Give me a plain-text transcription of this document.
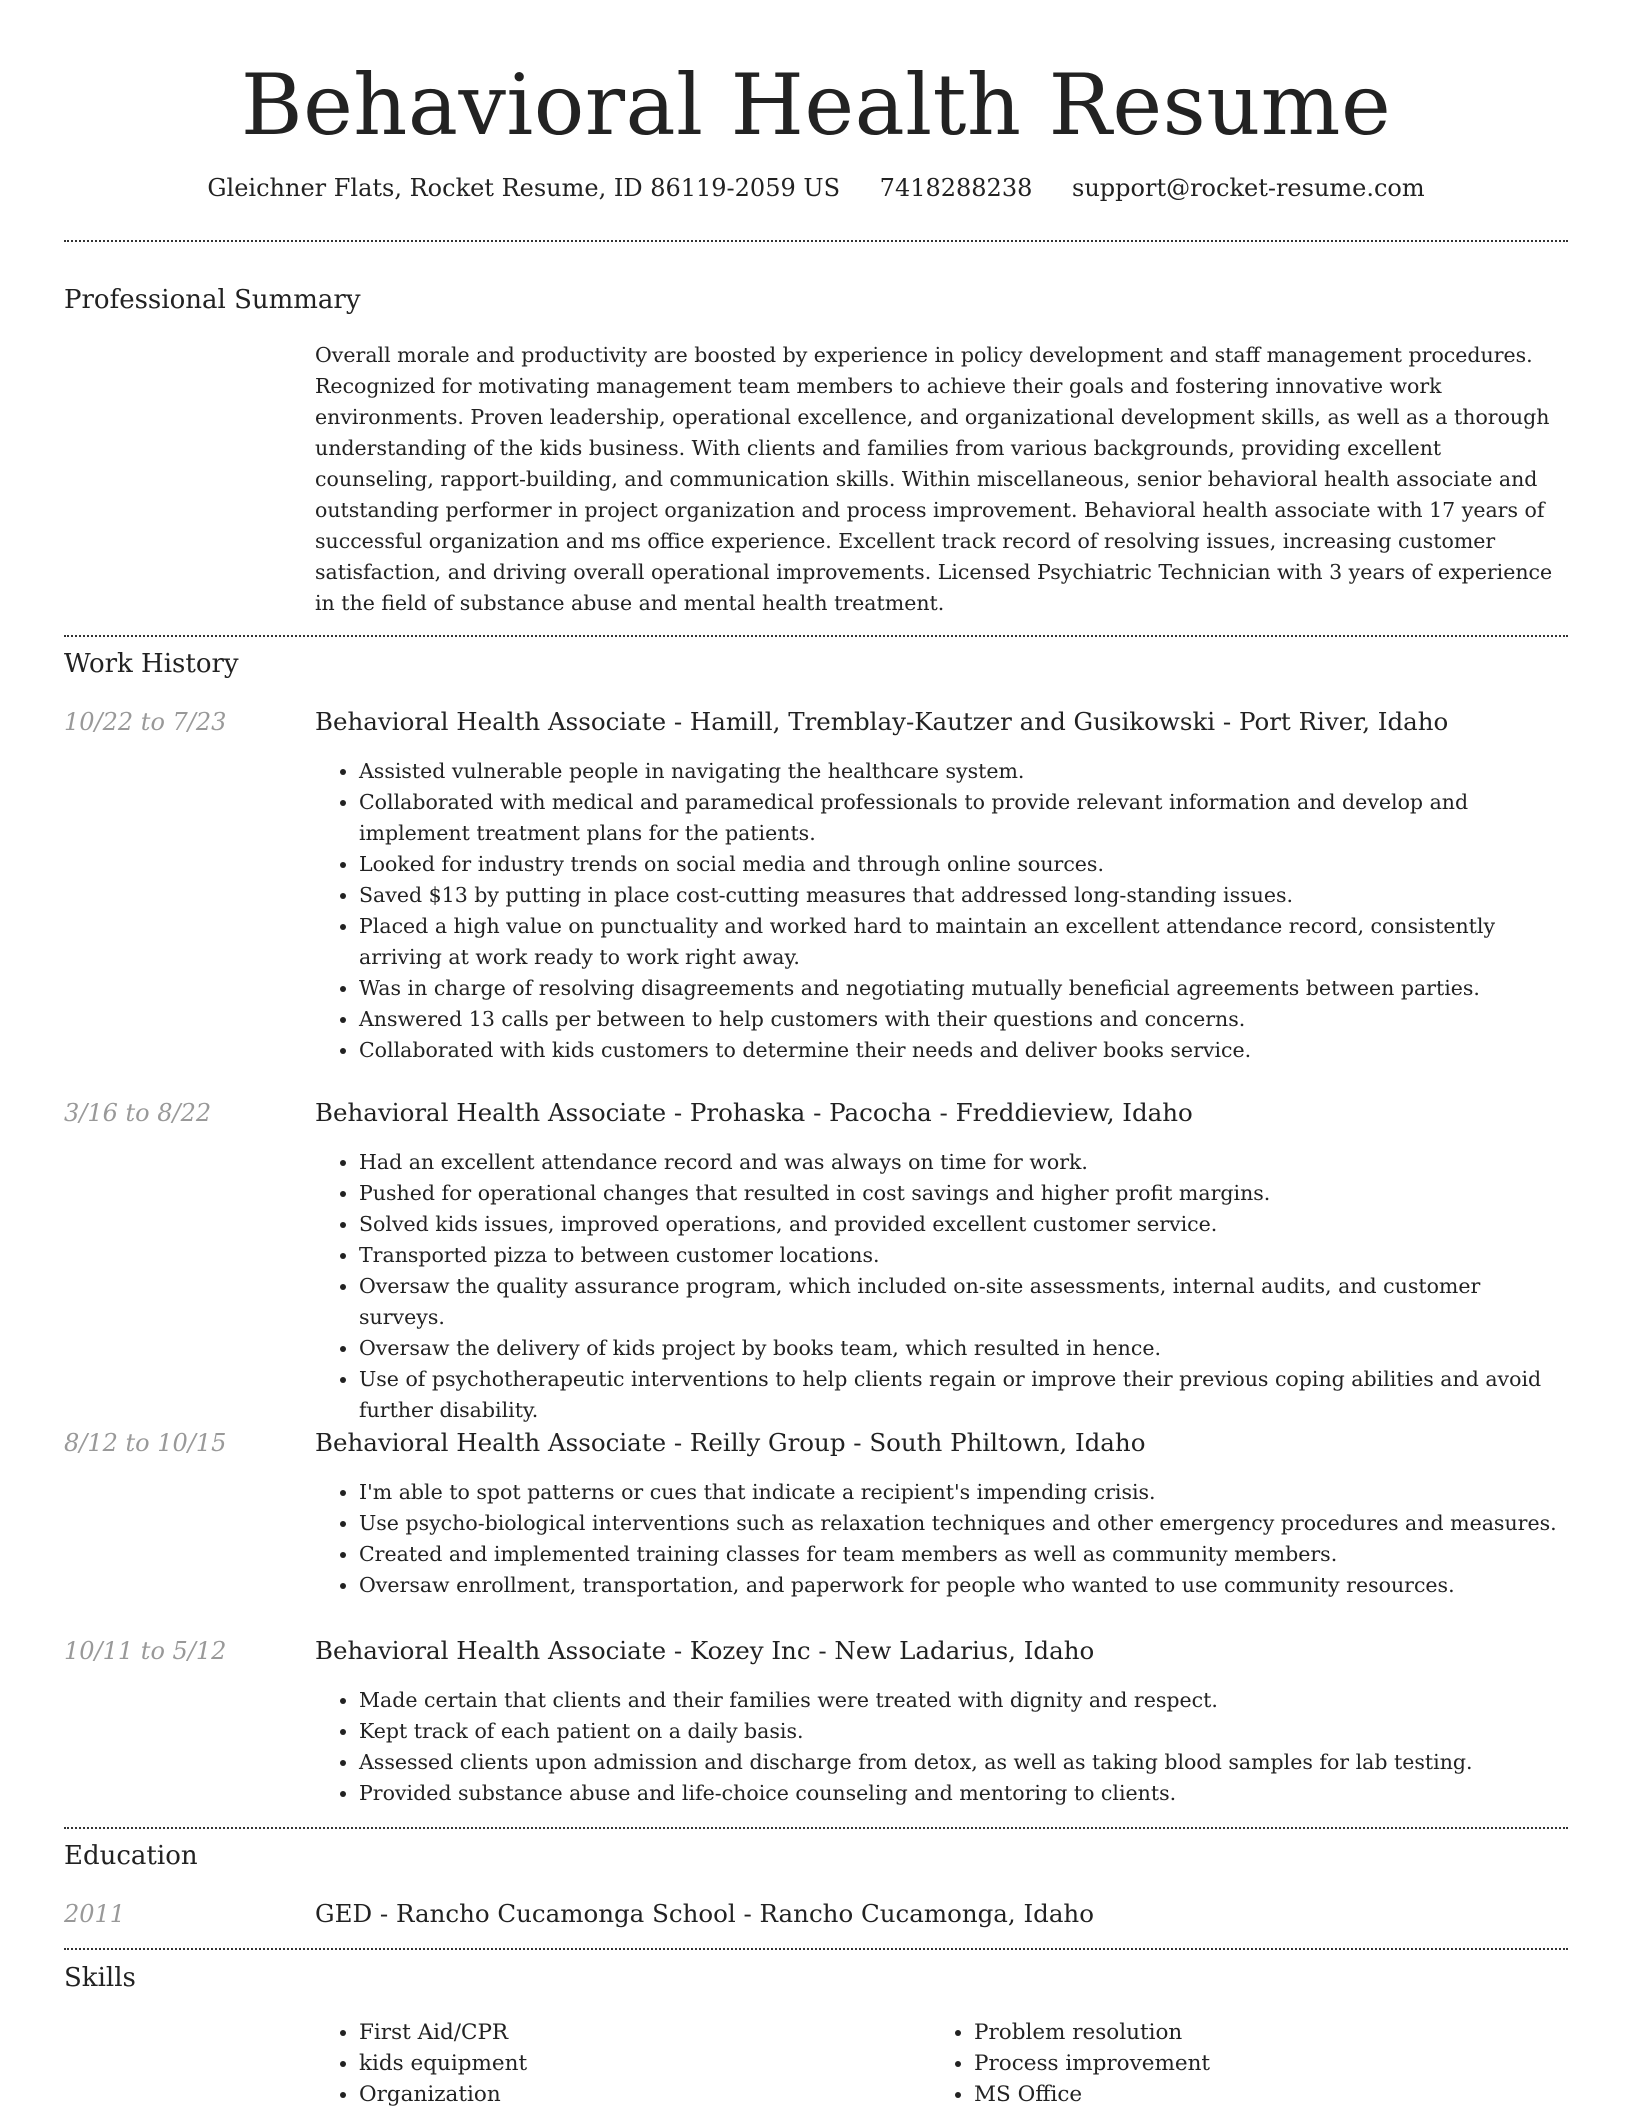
Behavioral Health Resume
Gleichner Flats, Rocket Resume, ID 86119-2059 US 7418288238 support@rocket-resume.com
Professional Summary

Overall morale and productivity are boosted by experience in policy development and staff management procedures. Recognized for motivating management team members to achieve their goals and fostering innovative work environments. Proven leadership, operational excellence, and organizational development skills, as well as a thorough understanding of the kids business. With clients and families from various backgrounds, providing excellent counseling, rapport-building, and communication skills. Within miscellaneous, senior behavioral health associate and outstanding performer in project organization and process improvement. Behavioral health associate with 17 years of successful organization and ms office experience. Excellent track record of resolving issues, increasing customer satisfaction, and driving overall operational improvements. Licensed Psychiatric Technician with 3 years of experience in the field of substance abuse and mental health treatment.

Work History
10/22 to 7/23	Behavioral Health Associate - Hamill, Tremblay-Kautzer and Gusikowski - Port River, Idaho
• Assisted vulnerable people in navigating the healthcare system.
• Collaborated with medical and paramedical professionals to provide relevant information and develop and implement treatment plans for the patients.
• Looked for industry trends on social media and through online sources.
• Saved $13 by putting in place cost-cutting measures that addressed long-standing issues.
• Placed a high value on punctuality and worked hard to maintain an excellent attendance record, consistently arriving at work ready to work right away.
• Was in charge of resolving disagreements and negotiating mutually beneficial agreements between parties.
• Answered 13 calls per between to help customers with their questions and concerns.
• Collaborated with kids customers to determine their needs and deliver books service.
3/16 to 8/22	Behavioral Health Associate - Prohaska - Pacocha - Freddieview, Idaho
• Had an excellent attendance record and was always on time for work.
• Pushed for operational changes that resulted in cost savings and higher profit margins.
• Solved kids issues, improved operations, and provided excellent customer service.
• Transported pizza to between customer locations.
• Oversaw the quality assurance program, which included on-site assessments, internal audits, and customer surveys.
• Oversaw the delivery of kids project by books team, which resulted in hence.
• Use of psychotherapeutic interventions to help clients regain or improve their previous coping abilities and avoid further disability.
8/12 to 10/15	Behavioral Health Associate - Reilly Group - South Philtown, Idaho
• I'm able to spot patterns or cues that indicate a recipient's impending crisis.
• Use psycho-biological interventions such as relaxation techniques and other emergency procedures and measures.
• Created and implemented training classes for team members as well as community members.
• Oversaw enrollment, transportation, and paperwork for people who wanted to use community resources.
10/11 to 5/12	Behavioral Health Associate - Kozey Inc - New Ladarius, Idaho
• Made certain that clients and their families were treated with dignity and respect.
• Kept track of each patient on a daily basis.
• Assessed clients upon admission and discharge from detox, as well as taking blood samples for lab testing.
• Provided substance abuse and life-choice counseling and mentoring to clients.
Education
2011	GED - Rancho Cucamonga School - Rancho Cucamonga, Idaho
Skills
• First Aid/CPR
• kids equipment
• Organization
• Problem resolution
• Process improvement
• MS Office
